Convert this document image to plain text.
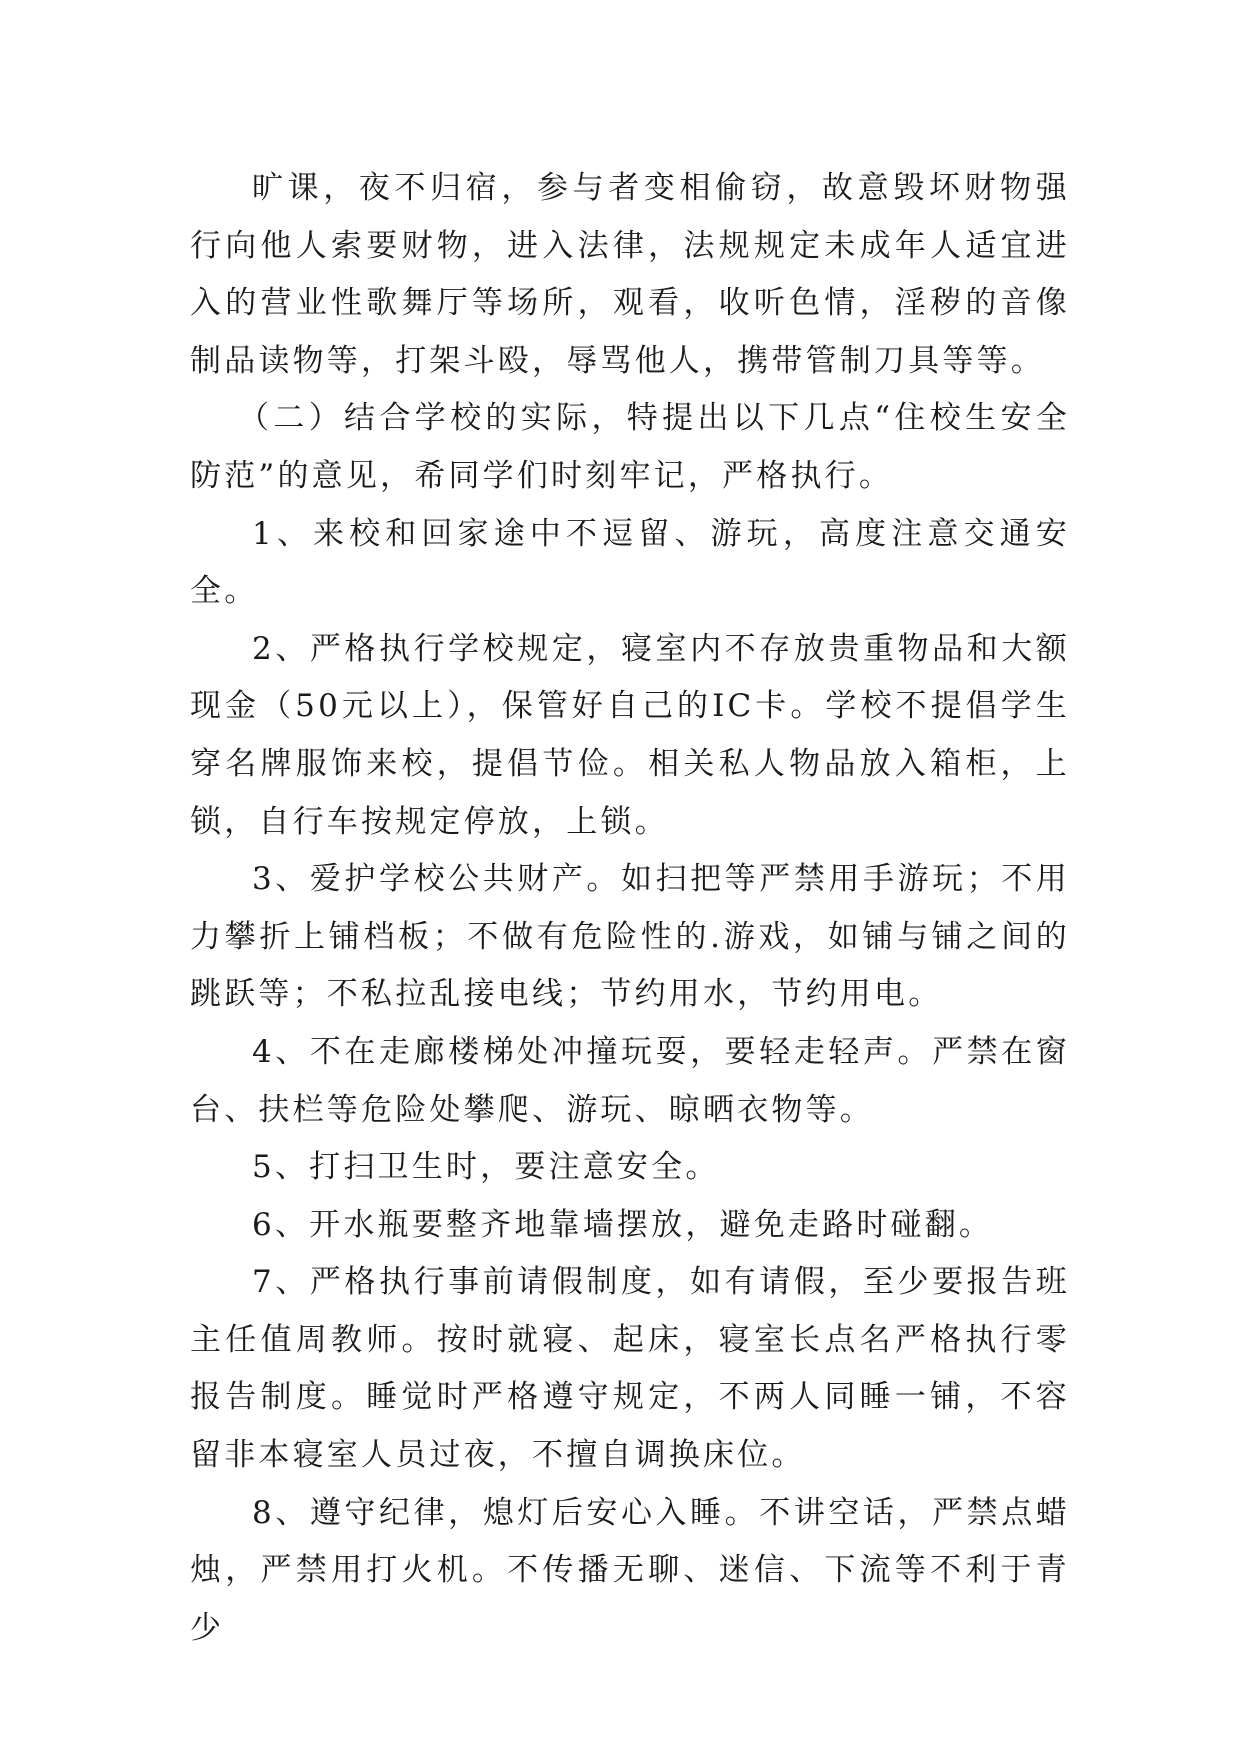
旷课，夜不归宿，参与者变相偷窃，故意毁坏财物强行向他人索要财物，进入法律，法规规定未成年人适宜进入的营业性歌舞厅等场所，观看，收听色情，淫秽的音像制品读物等，打架斗殴，辱骂他人，携带管制刀具等等。

（二）结合学校的实际，特提出以下几点“住校生安全防范”的意见，希同学们时刻牢记，严格执行。

1、来校和回家途中不逗留、游玩，高度注意交通安全。

2、严格执行学校规定，寝室内不存放贵重物品和大额现金（50元以上），保管好自己的IC卡。学校不提倡学生穿名牌服饰来校，提倡节俭。相关私人物品放入箱柜，上锁，自行车按规定停放，上锁。

3、爱护学校公共财产。如扫把等严禁用手游玩；不用力攀折上铺档板；不做有危险性的.游戏，如铺与铺之间的跳跃等；不私拉乱接电线；节约用水，节约用电。

4、不在走廊楼梯处冲撞玩耍，要轻走轻声。严禁在窗台、扶栏等危险处攀爬、游玩、晾晒衣物等。

5、打扫卫生时，要注意安全。

6、开水瓶要整齐地靠墙摆放，避免走路时碰翻。

7、严格执行事前请假制度，如有请假，至少要报告班主任值周教师。按时就寝、起床，寝室长点名严格执行零报告制度。睡觉时严格遵守规定，不两人同睡一铺，不容留非本寝室人员过夜，不擅自调换床位。

8、遵守纪律，熄灯后安心入睡。不讲空话，严禁点蜡烛，严禁用打火机。不传播无聊、迷信、下流等不利于青少
